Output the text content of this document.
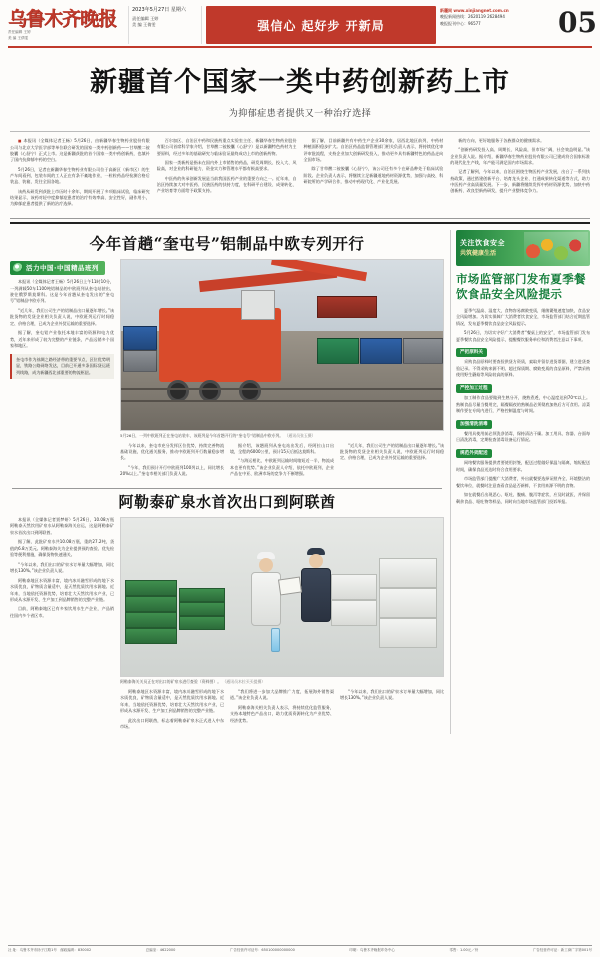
乌鲁木齐晚报
责任编辑 王婷
美 编 王倩雯
2023年5月27日 星期六
责任编辑 王婷
美 编 王倩雯	强信心 起好步 开新局
新疆网 www.xinjiangnet.com.cn
晚报新闻热线：2620119 2628494
晚报报刊中心：96577	05
新疆首个国家一类中药创新药上市
为抑郁症患者提供又一种治疗选择

■ 本报讯（全媒体记者王畅）5月26日，由新疆华春生物药业股份有限公司与北京大学医学部等单位联合研发的国家一类中药创新药——甘草酸二铵胶囊（心舒宁）正式上市。这是新疆获批的首个国家一类中药创新药，也填补了国内抗抑郁中药的空白。

5月26日，记者在新疆华春生物药业有限公司位于高新区（新市区）的生产车间看到，包装车间的工人正在有条不紊地作业，一粒粒药品经检测合格后装盒、装箱，发往全国各地。

该药从研发到获批上市历时十余年，期间开展了多项临床试验，临床研究结果显示，该药对轻中度抑郁症患者的治疗有效率高、安全性好，副作用小，为抑郁症患者提供了新的治疗选择。

百尔加区、自治区中药和民族药重点实验室主任、新疆华春生物药业股份有限公司首席科学家介绍，甘草酸二铵胶囊（心舒宁）是以新疆特色药材为主要原料，经过多年的基础研究与临床验证最终成功上市的创新药物。

国家一类新药是指未在国内外上市销售的药品，研发周期长、投入大、风险高，对企业的科研能力、资金实力和管理水平都有极高要求。

中医药的传承创新发展是当前我国医药产业的重要方向之一。近年来，自治区持续加大对中医药、民族医药的扶持力度，在科研平台建设、成果转化、产业培育等方面给予政策支持。

据了解，目前新疆共有中药生产企业30余家，居西北地区前列，中药材种植面积稳步扩大。自治区药品监督管理部门相关负责人表示，将持续优化审评审批流程，支持企业加大创新研发投入，推动更多具有新疆特色的药品走向全国市场。

除了甘草酸二铵胶囊（心舒宁），该公司还有多个在研品种处于临床试验阶段。企业负责人表示，将继续立足新疆道地药材资源优势，加强与高校、科研院所的产学研合作，推动中药现代化、产业化发展。

新的方向，更好地服务于各族群众的健康需求。

“创新药研发投入高、周期长、风险高，但市场广阔，社会效益明显。”该企业负责人说。据介绍，新疆华春生物药业股份有限公司已建成符合国家标准的现代化生产线，年产能可满足国内市场需求。

记者了解到，今年以来，自治区围绕生物医药产业发展，出台了一系列扶持政策，通过搭建创新平台、培育龙头企业、打通成果转化渠道等方式，助力中医药产业高质量发展。下一步，新疆将继续发挥中药材资源优势，加快中药创新药、改良型新药研发，提升产业整体竞争力。

今年首趟“奎屯号”铝制品中欧专列开行
活力中国·中国精品班列

本报讯（全媒体记者王畅）5月26日上午11时10分，一列满载50车1100吨铝制品的中欧班列从奎屯站驶出，驶往俄罗斯莫斯科。这是今年首趟从奎屯发出的“奎屯号”铝制品中欧专列。

“近几年，我们公司生产的铝制品出口量逐年增长。”该批货物的发货企业相关负责人说，中欧班列运行时间稳定、价格合理，已成为企业外贸运输的重要选择。

据了解，奎屯铝产业依托本地丰富的资源和电力优势，近年来形成了较为完整的产业链条，产品远销多个国家和地区。

奎屯市作为丝绸之路经济带的重要节点，区位优势明显，铁路公路网络发达，目前已开通多条国际货运班列线路，成为新疆西北部重要的物流枢纽。
5月26日，一列中欧班列正在奎屯站装车，该班列是今年首趟开行的“奎屯号”铝制品中欧专列。 （通讯员张玉摄）

今年以来，奎屯市充分发挥区位优势，持续完善物流基础设施，优化通关服务，推动中欧班列开行数量稳步增长。

“今年，我们预计开行中欧班列100列以上，同比增长20%以上。”奎屯市相关部门负责人说。

据介绍，该趟班列从奎屯站出发后，经阿拉山口出境，全程约6000公里，预计15天后抵达莫斯科。

“与海运相比，中欧班列运输时间缩短近一半，物流成本也更有优势。”该企业负责人介绍，依托中欧班列，企业产品在中亚、欧洲市场的竞争力不断增强。

“近几年，我们公司生产的铝制品出口量逐年增长。”该批货物的发货企业相关负责人说，中欧班列运行时间稳定、价格合理，已成为企业外贸运输的重要选择。

阿勒泰矿泉水首次出口到阿联酋

本报讯（全媒体记者贾梦妍）5月26日，10.08万瓶阿勒泰天然饮用矿泉水从阿勒泰海关启运，这是阿勒泰矿泉水首次出口到阿联酋。

据了解，此批矿泉水共10.08万瓶，重约27.2吨，货值约6.8万美元。阿勒泰海关为企业提供预约查验、优先检验等便利措施，确保货物快速通关。

“今年以来，我们出口的矿泉水订单量大幅增加，同比增长130%。”该企业负责人说。

阿勒泰地区水资源丰富，境内冰川融雪形成的地下水水质优良，矿物质含量适中，是天然优质饮用水源地。近年来，当地依托资源优势，培育壮大天然饮用水产业，已形成从水源开发、生产加工到品牌销售的完整产业链。

目前，阿勒泰地区已有多家饮用水生产企业，产品销往国内多个省区市。

阿勒泰海关关员正在对出口的矿泉水进行查验（资料图）。 （通讯员木拉买买提摄）

阿勒泰地区水资源丰富，境内冰川融雪形成的地下水水质优良，矿物质含量适中，是天然优质饮用水源地。近年来，当地依托资源优势，培育壮大天然饮用水产业，已形成从水源开发、生产加工到品牌销售的完整产业链。

此次出口阿联酋，标志着阿勒泰矿泉水正式进入中东市场。

“我们将进一步加大品牌推广力度，拓展海外销售渠道。”该企业负责人说。

阿勒泰海关相关负责人表示，将持续优化监管服务，支持本地特色产品出口，助力优质资源转化为产业优势、经济优势。

“今年以来，我们出口的矿泉水订单量大幅增加，同比增长130%。”该企业负责人说。

关注饮食安全
共筑健康生活
市场监管部门发布夏季餐饮食品安全风险提示

夏季气温高、湿度大，食物容易腐败变质，细菌繁殖速度加快，食品安全风险增加。为切实保障广大消费者饮食安全，市场监管部门结合近期监管情况，发布夏季餐饮食品安全风险提示。

5月26日，为切实守好广大消费者“餐桌上的安全”，市场监管部门发布夏季餐饮食品安全风险提示，提醒餐饮服务单位和消费者注意以下事项。

严把原料关

采购食品原料时要查验供货方资质，索取并留存进货票据，建立进货查验记录。不得采购来源不明、超过保质期、腐败变质的食品原料，严禁采购使用野生蘑菇等风险较高的原料。

严控加工过程

加工制作食品要做到生熟分开，烧熟煮透，中心温度达到70℃以上。熟制食品尽量当餐用完，隔餐隔夜的熟制品必须彻底加热后方可食用。凉菜制作要在专间内进行，严格控制温度与时间。

加强清洗消毒

餐用具使用前必须洗净消毒，保持清洁干燥。加工用具、容器、台面每日清洗消毒，定期检查消毒设备运行情况。

规范外卖配送

网络餐饮服务提供者要使用封签，配送过程做好保温与隔离，缩短配送时间，确保食品送达时符合食用要求。

市场监管部门提醒广大消费者，外出就餐要选择证照齐全、环境整洁的餐饮单位，就餐时注意查看食品是否新鲜，不食用来源不明的食物。

如在就餐后出现恶心、呕吐、腹痛、腹泻等症状，应及时就医，并保留剩余食品、呕吐物等样品，同时向当地市场监管部门投诉举报。

社 址：乌鲁木齐市扬子江路1号　邮政编码：830002	总编室：4622000	广告经营许可证号：650100000000000	印刷：乌鲁木齐晚报印务中心	零售：1.00元／份	广告经营许可证：新工商广字第001号
